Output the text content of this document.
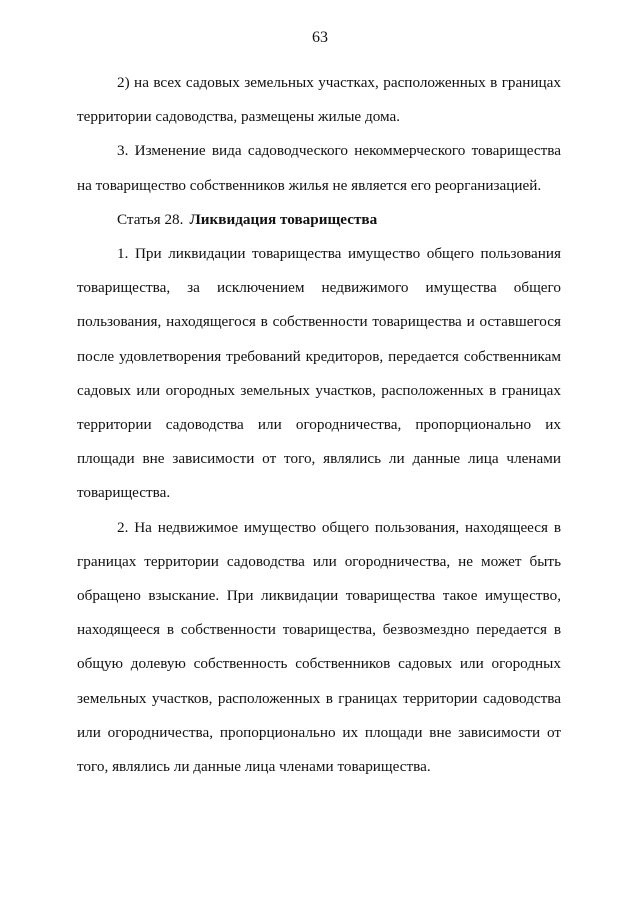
63

2) на всех садовых земельных участках, расположенных в границах территории садоводства, размещены жилые дома.

3. Изменение вида садоводческого некоммерческого товарищества на товарищество собственников жилья не является его реорганизацией.

Статья 28. Ликвидация товарищества

1. При ликвидации товарищества имущество общего пользования товарищества, за исключением недвижимого имущества общего пользования, находящегося в собственности товарищества и оставшегося после удовлетворения требований кредиторов, передается собственникам садовых или огородных земельных участков, расположенных в границах территории садоводства или огородничества, пропорционально их площади вне зависимости от того, являлись ли данные лица членами товарищества.

2. На недвижимое имущество общего пользования, находящееся в границах территории садоводства или огородничества, не может быть обращено взыскание. При ликвидации товарищества такое имущество, находящееся в собственности товарищества, безвозмездно передается в общую долевую собственность собственников садовых или огородных земельных участков, расположенных в границах территории садоводства или огородничества, пропорционально их площади вне зависимости от того, являлись ли данные лица членами товарищества.
